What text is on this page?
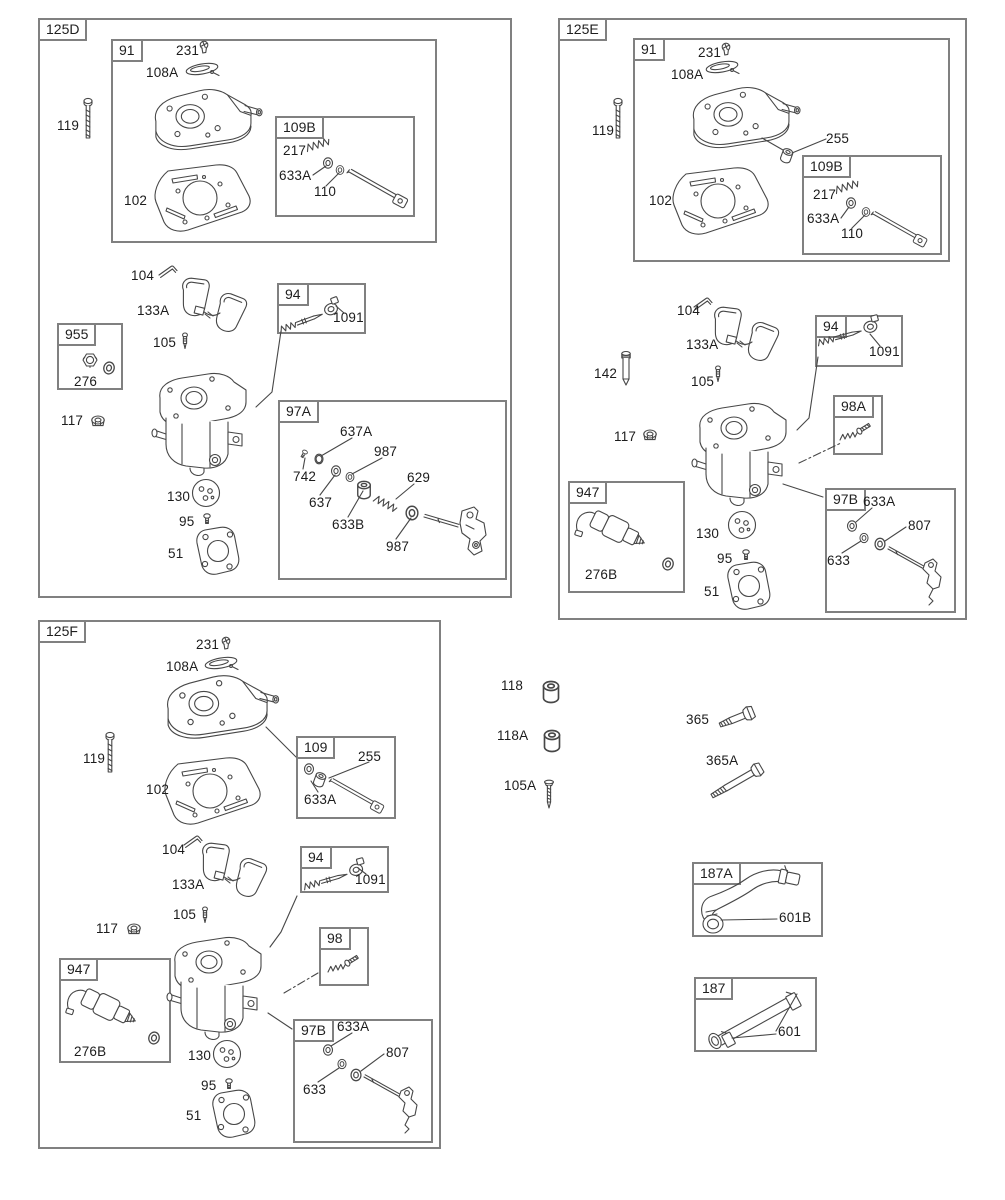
125D
91
109B
94
955
97A
125E
91
109B
94
98A
947	97B
125F
109
94
98
947
97B
187A
187
231
108A
119
102
217
633A
110
104
133A	1091
105
276
117
637A
987
742
637
629
633B
987
130
95
51
231
108A
119
255
102	217
633A
110
104
133A	1091
142
105
117
276B
130
95
51
633A
807
633
231
108A
119
102
255
633A
104
133A	1091
117
105
276B	130
95
51
633A
807
633
118
118A
105A
365
365A
601B
601
